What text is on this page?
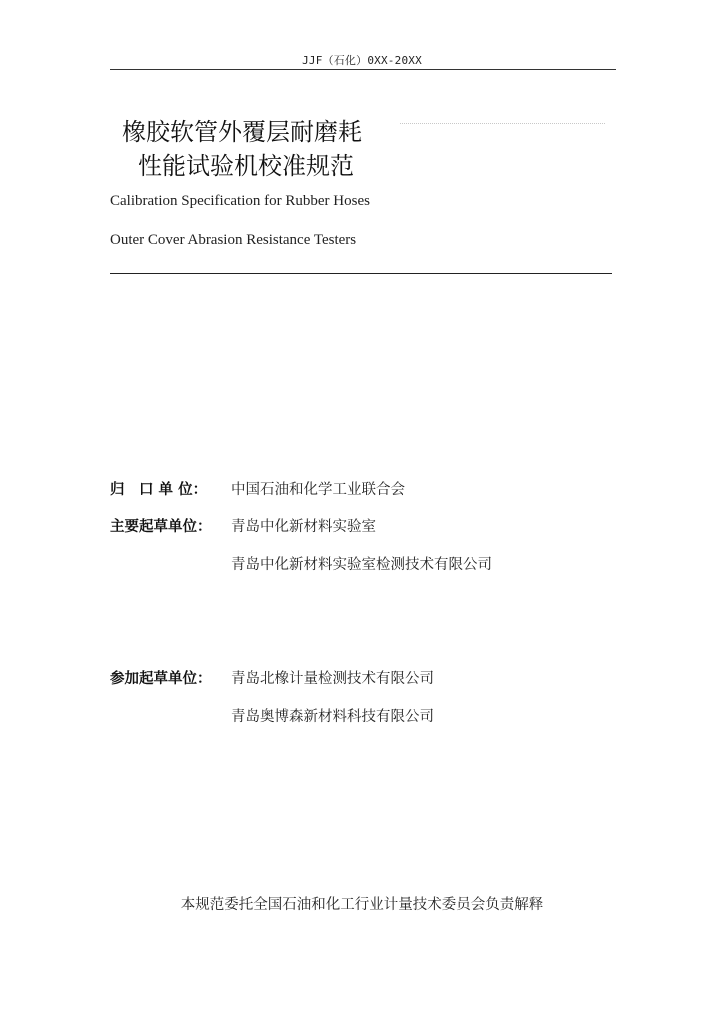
JJF（石化）0XX-20XX
橡胶软管外覆层耐磨耗
性能试验机校准规范
Calibration Specification for Rubber Hoses
Outer Cover Abrasion Resistance Testers
归　口 单 位： 中国石油和化学工业联合会
主要起草单位： 青岛中化新材料实验室
青岛中化新材料实验室检测技术有限公司
参加起草单位： 青岛北橡计量检测技术有限公司
青岛奥博森新材料科技有限公司
本规范委托全国石油和化工行业计量技术委员会负责解释
